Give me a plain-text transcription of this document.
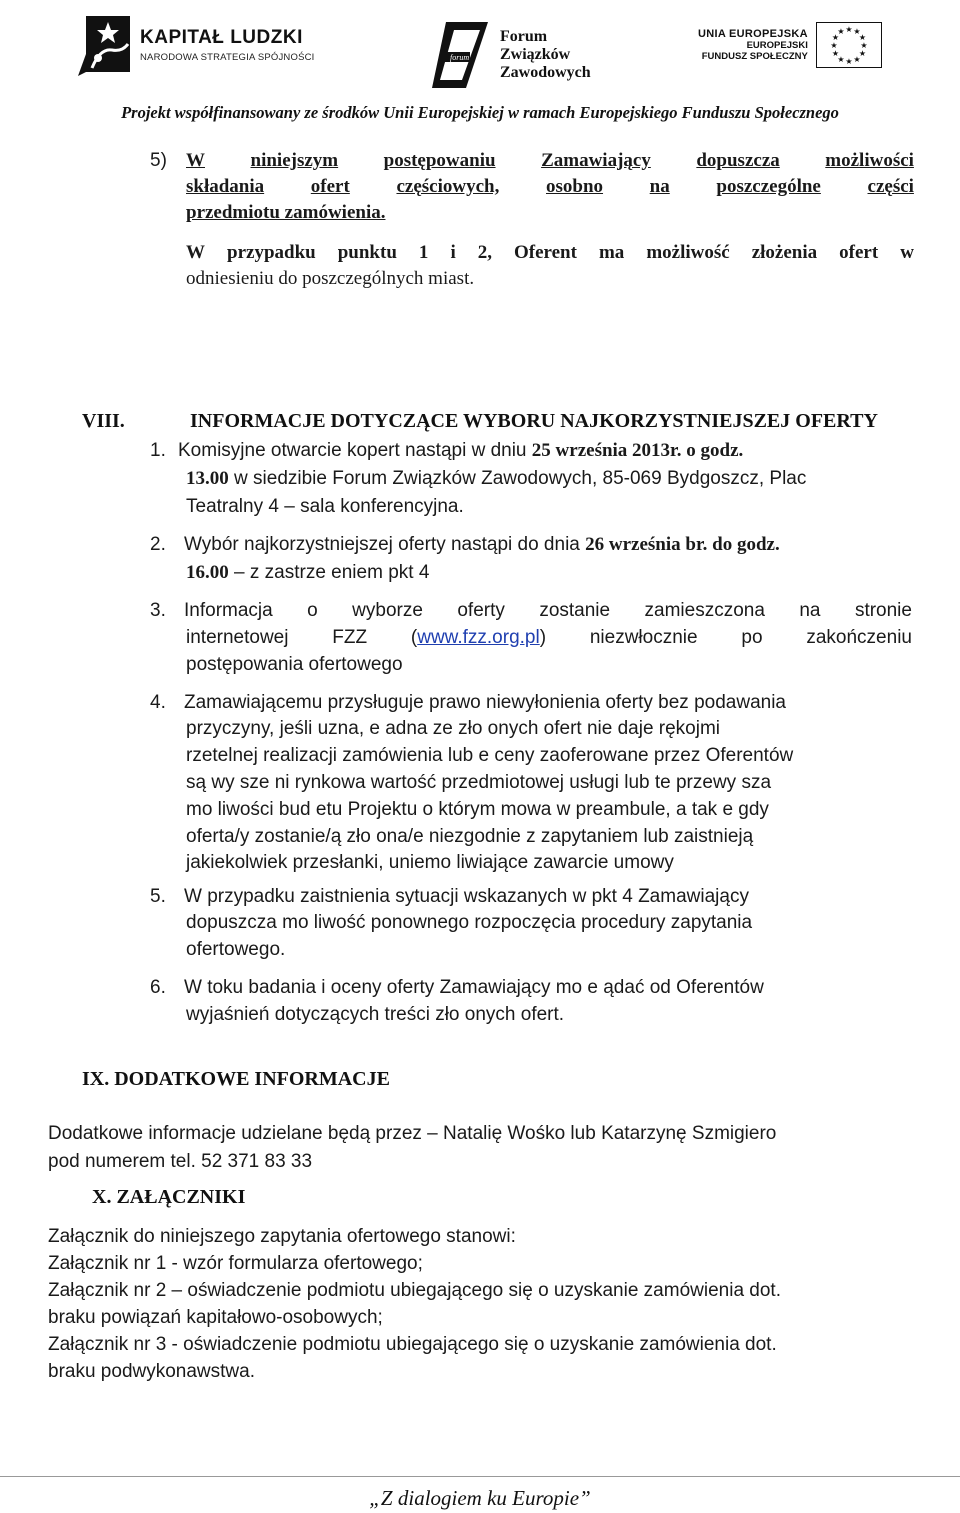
KAPITAŁ LUDZKI
NARODOWA STRATEGIA SPÓJNOŚCI	forum
Forum
Związków
Zawodowych
UNIA EUROPEJSKA
EUROPEJSKI
FUNDUSZ SPOŁECZNY
★ ★
★
★
★
★
★
★
★
★
★
★
Projekt współfinansowany ze środków Unii Europejskiej w ramach Europejskiego Funduszu Społecznego
5) W niniejszym postępowaniu Zamawiający dopuszcza możliwości
składania ofert częściowych, osobno na poszczególne części
przedmiotu zamówienia.
W przypadku punktu 1 i 2, Oferent ma możliwość złożenia ofert w
odniesieniu do poszczególnych miast.
VIII.	INFORMACJE DOTYCZĄCE WYBORU NAJKORZYSTNIEJSZEJ OFERTY
1. Komisyjne otwarcie kopert nastąpi w dniu 25 września 2013r. o godz.
13.00 w siedzibie Forum Związków Zawodowych, 85-069 Bydgoszcz, Plac
Teatralny 4 – sala konferencyjna.
2. Wybór najkorzystniejszej oferty nastąpi do dnia 26 września br. do godz.
16.00 – z zastrze eniem pkt 4
3. Informacja o wyborze oferty zostanie zamieszczona na stronie
internetowej FZZ (www.fzz.org.pl) niezwłocznie po zakończeniu
postępowania ofertowego
4. Zamawiającemu przysługuje prawo niewyłonienia oferty bez podawania
przyczyny, jeśli uzna, e adna ze zło onych ofert nie daje rękojmi
rzetelnej realizacji zamówienia lub e ceny zaoferowane przez Oferentów
są wy sze ni rynkowa wartość przedmiotowej usługi lub te przewy sza
mo liwości bud etu Projektu o którym mowa w preambule, a tak e gdy
oferta/y zostanie/ą zło ona/e niezgodnie z zapytaniem lub zaistnieją
jakiekolwiek przesłanki, uniemo liwiające zawarcie umowy
5. W przypadku zaistnienia sytuacji wskazanych w pkt 4 Zamawiający
dopuszcza mo liwość ponownego rozpoczęcia procedury zapytania
ofertowego.
6. W toku badania i oceny oferty Zamawiający mo e ądać od Oferentów
wyjaśnień dotyczących treści zło onych ofert.
IX. DODATKOWE INFORMACJE
Dodatkowe informacje udzielane będą przez – Natalię Wośko lub Katarzynę Szmigiero
pod numerem tel. 52 371 83 33
X. ZAŁĄCZNIKI
Załącznik do niniejszego zapytania ofertowego stanowi:
Załącznik nr 1 - wzór formularza ofertowego;
Załącznik nr 2 – oświadczenie podmiotu ubiegającego się o uzyskanie zamówienia dot.
braku powiązań kapitałowo-osobowych;
Załącznik nr 3 - oświadczenie podmiotu ubiegającego się o uzyskanie zamówienia dot.
braku podwykonawstwa.
„Z dialogiem ku Europie”
